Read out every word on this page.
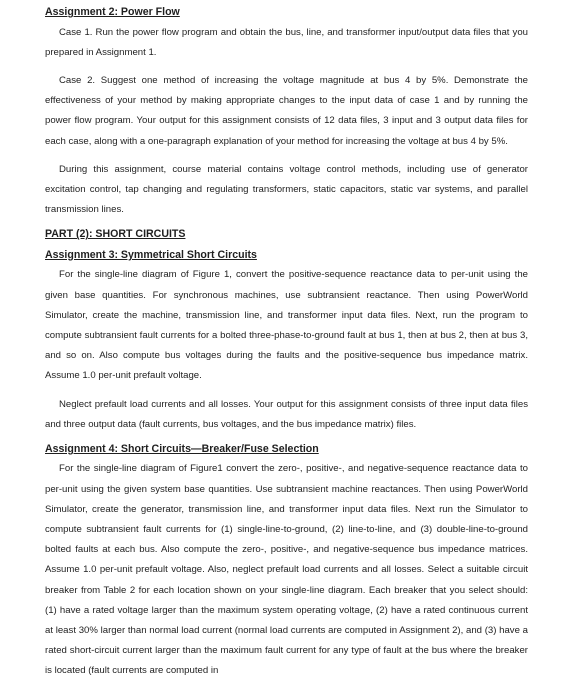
Assignment 2: Power Flow

Case 1. Run the power flow program and obtain the bus, line, and transformer input/output data files that you prepared in Assignment 1.

Case 2. Suggest one method of increasing the voltage magnitude at bus 4 by 5%. Demonstrate the effectiveness of your method by making appropriate changes to the input data of case 1 and by running the power flow program. Your output for this assignment consists of 12 data files, 3 input and 3 output data files for each case, along with a one-paragraph explanation of your method for increasing the voltage at bus 4 by 5%.

During this assignment, course material contains voltage control methods, including use of generator excitation control, tap changing and regulating transformers, static capacitors, static var systems, and parallel transmission lines.

PART (2): SHORT CIRCUITS

Assignment 3: Symmetrical Short Circuits

For the single-line diagram of Figure 1, convert the positive-sequence reactance data to per-unit using the given base quantities. For synchronous machines, use subtransient reactance. Then using PowerWorld Simulator, create the machine, transmission line, and transformer input data files. Next, run the program to compute subtransient fault currents for a bolted three-phase-to-ground fault at bus 1, then at bus 2, then at bus 3, and so on. Also compute bus voltages during the faults and the positive-sequence bus impedance matrix. Assume 1.0 per-unit prefault voltage.

Neglect prefault load currents and all losses. Your output for this assignment consists of three input data files and three output data (fault currents, bus voltages, and the bus impedance matrix) files.

Assignment 4: Short Circuits—Breaker/Fuse Selection

For the single-line diagram of Figure1 convert the zero-, positive-, and negative-sequence reactance data to per-unit using the given system base quantities. Use subtransient machine reactances. Then using PowerWorld Simulator, create the generator, transmission line, and transformer input data files. Next run the Simulator to compute subtransient fault currents for (1) single-line-to-ground, (2) line-to-line, and (3) double-line-to-ground bolted faults at each bus. Also compute the zero-, positive-, and negative-sequence bus impedance matrices. Assume 1.0 per-unit prefault voltage. Also, neglect prefault load currents and all losses. Select a suitable circuit breaker from Table 2 for each location shown on your single-line diagram. Each breaker that you select should: (1) have a rated voltage larger than the maximum system operating voltage, (2) have a rated continuous current at least 30% larger than normal load current (normal load currents are computed in Assignment 2), and (3) have a rated short-circuit current larger than the maximum fault current for any type of fault at the bus where the breaker is located (fault currents are computed in
